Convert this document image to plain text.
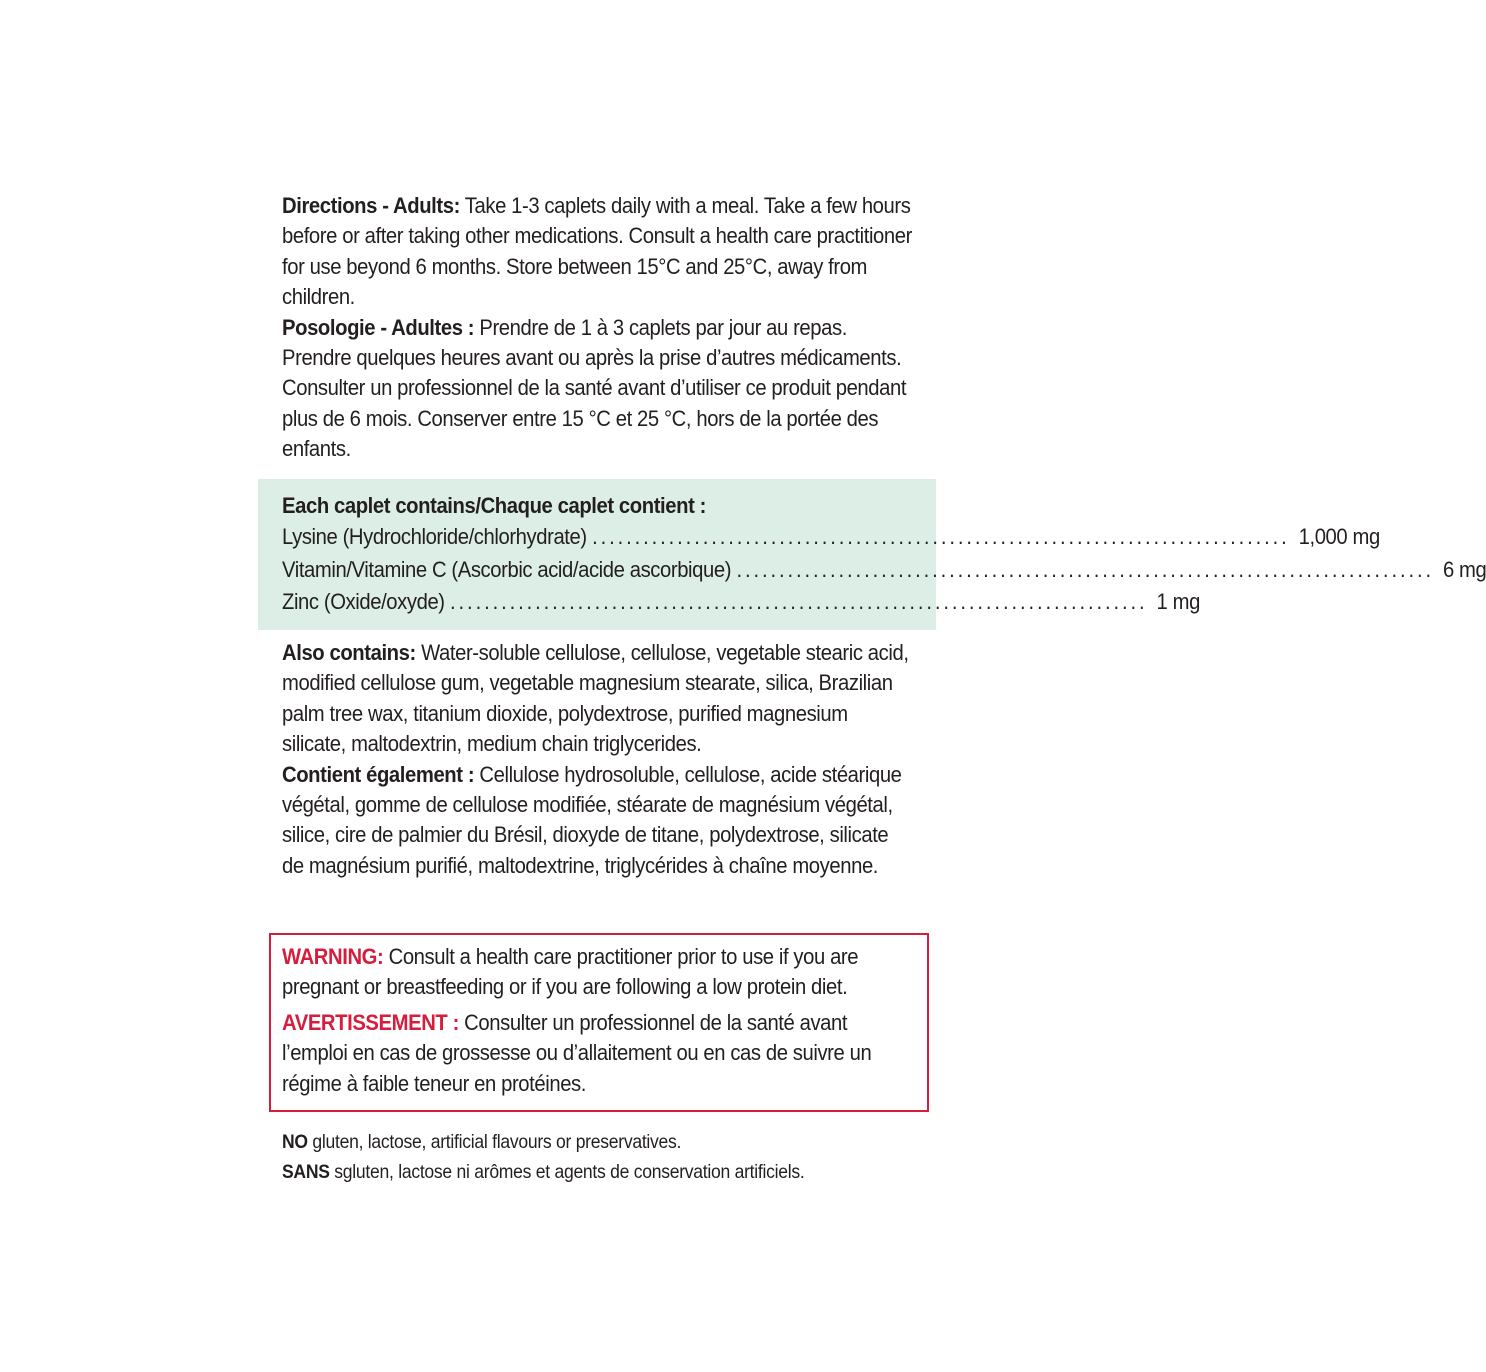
Directions - Adults: Take 1-3 caplets daily with a meal. Take a few hours before or after taking other medications. Consult a health care practitioner for use beyond 6 months. Store between 15°C and 25°C, away from children.

Posologie - Adultes : Prendre de 1 à 3 caplets par jour au repas. Prendre quelques heures avant ou après la prise d’autres médicaments. Consulter un professionnel de la santé avant d’utiliser ce produit pendant plus de 6 mois. Conserver entre 15 °C et 25 °C, hors de la portée des enfants.

Each caplet contains/Chaque caplet contient :
Lysine (Hydrochloride/chlorhydrate) .................................................................................. 1,000 mg
Vitamin/Vitamine C (Ascorbic acid/acide ascorbique) .................................................................................. 6 mg
Zinc (Oxide/oxyde) .................................................................................. 1 mg

Also contains: Water-soluble cellulose, cellulose, vegetable stearic acid, modified cellulose gum, vegetable magnesium stearate, silica, Brazilian palm tree wax, titanium dioxide, polydextrose, purified magnesium silicate, maltodextrin, medium chain triglycerides.

Contient également : Cellulose hydrosoluble, cellulose, acide stéarique végétal, gomme de cellulose modifiée, stéarate de magnésium végétal, silice, cire de palmier du Brésil, dioxyde de titane, polydextrose, silicate de magnésium purifié, maltodextrine, triglycérides à chaîne moyenne.

WARNING: Consult a health care practitioner prior to use if you are pregnant or breastfeeding or if you are following a low protein diet.

AVERTISSEMENT : Consulter un professionnel de la santé avant l’emploi en cas de grossesse ou d’allaitement ou en cas de suivre un régime à faible teneur en protéines.

NO gluten, lactose, artificial flavours or preservatives.

SANS sgluten, lactose ni arômes et agents de conservation artificiels.
